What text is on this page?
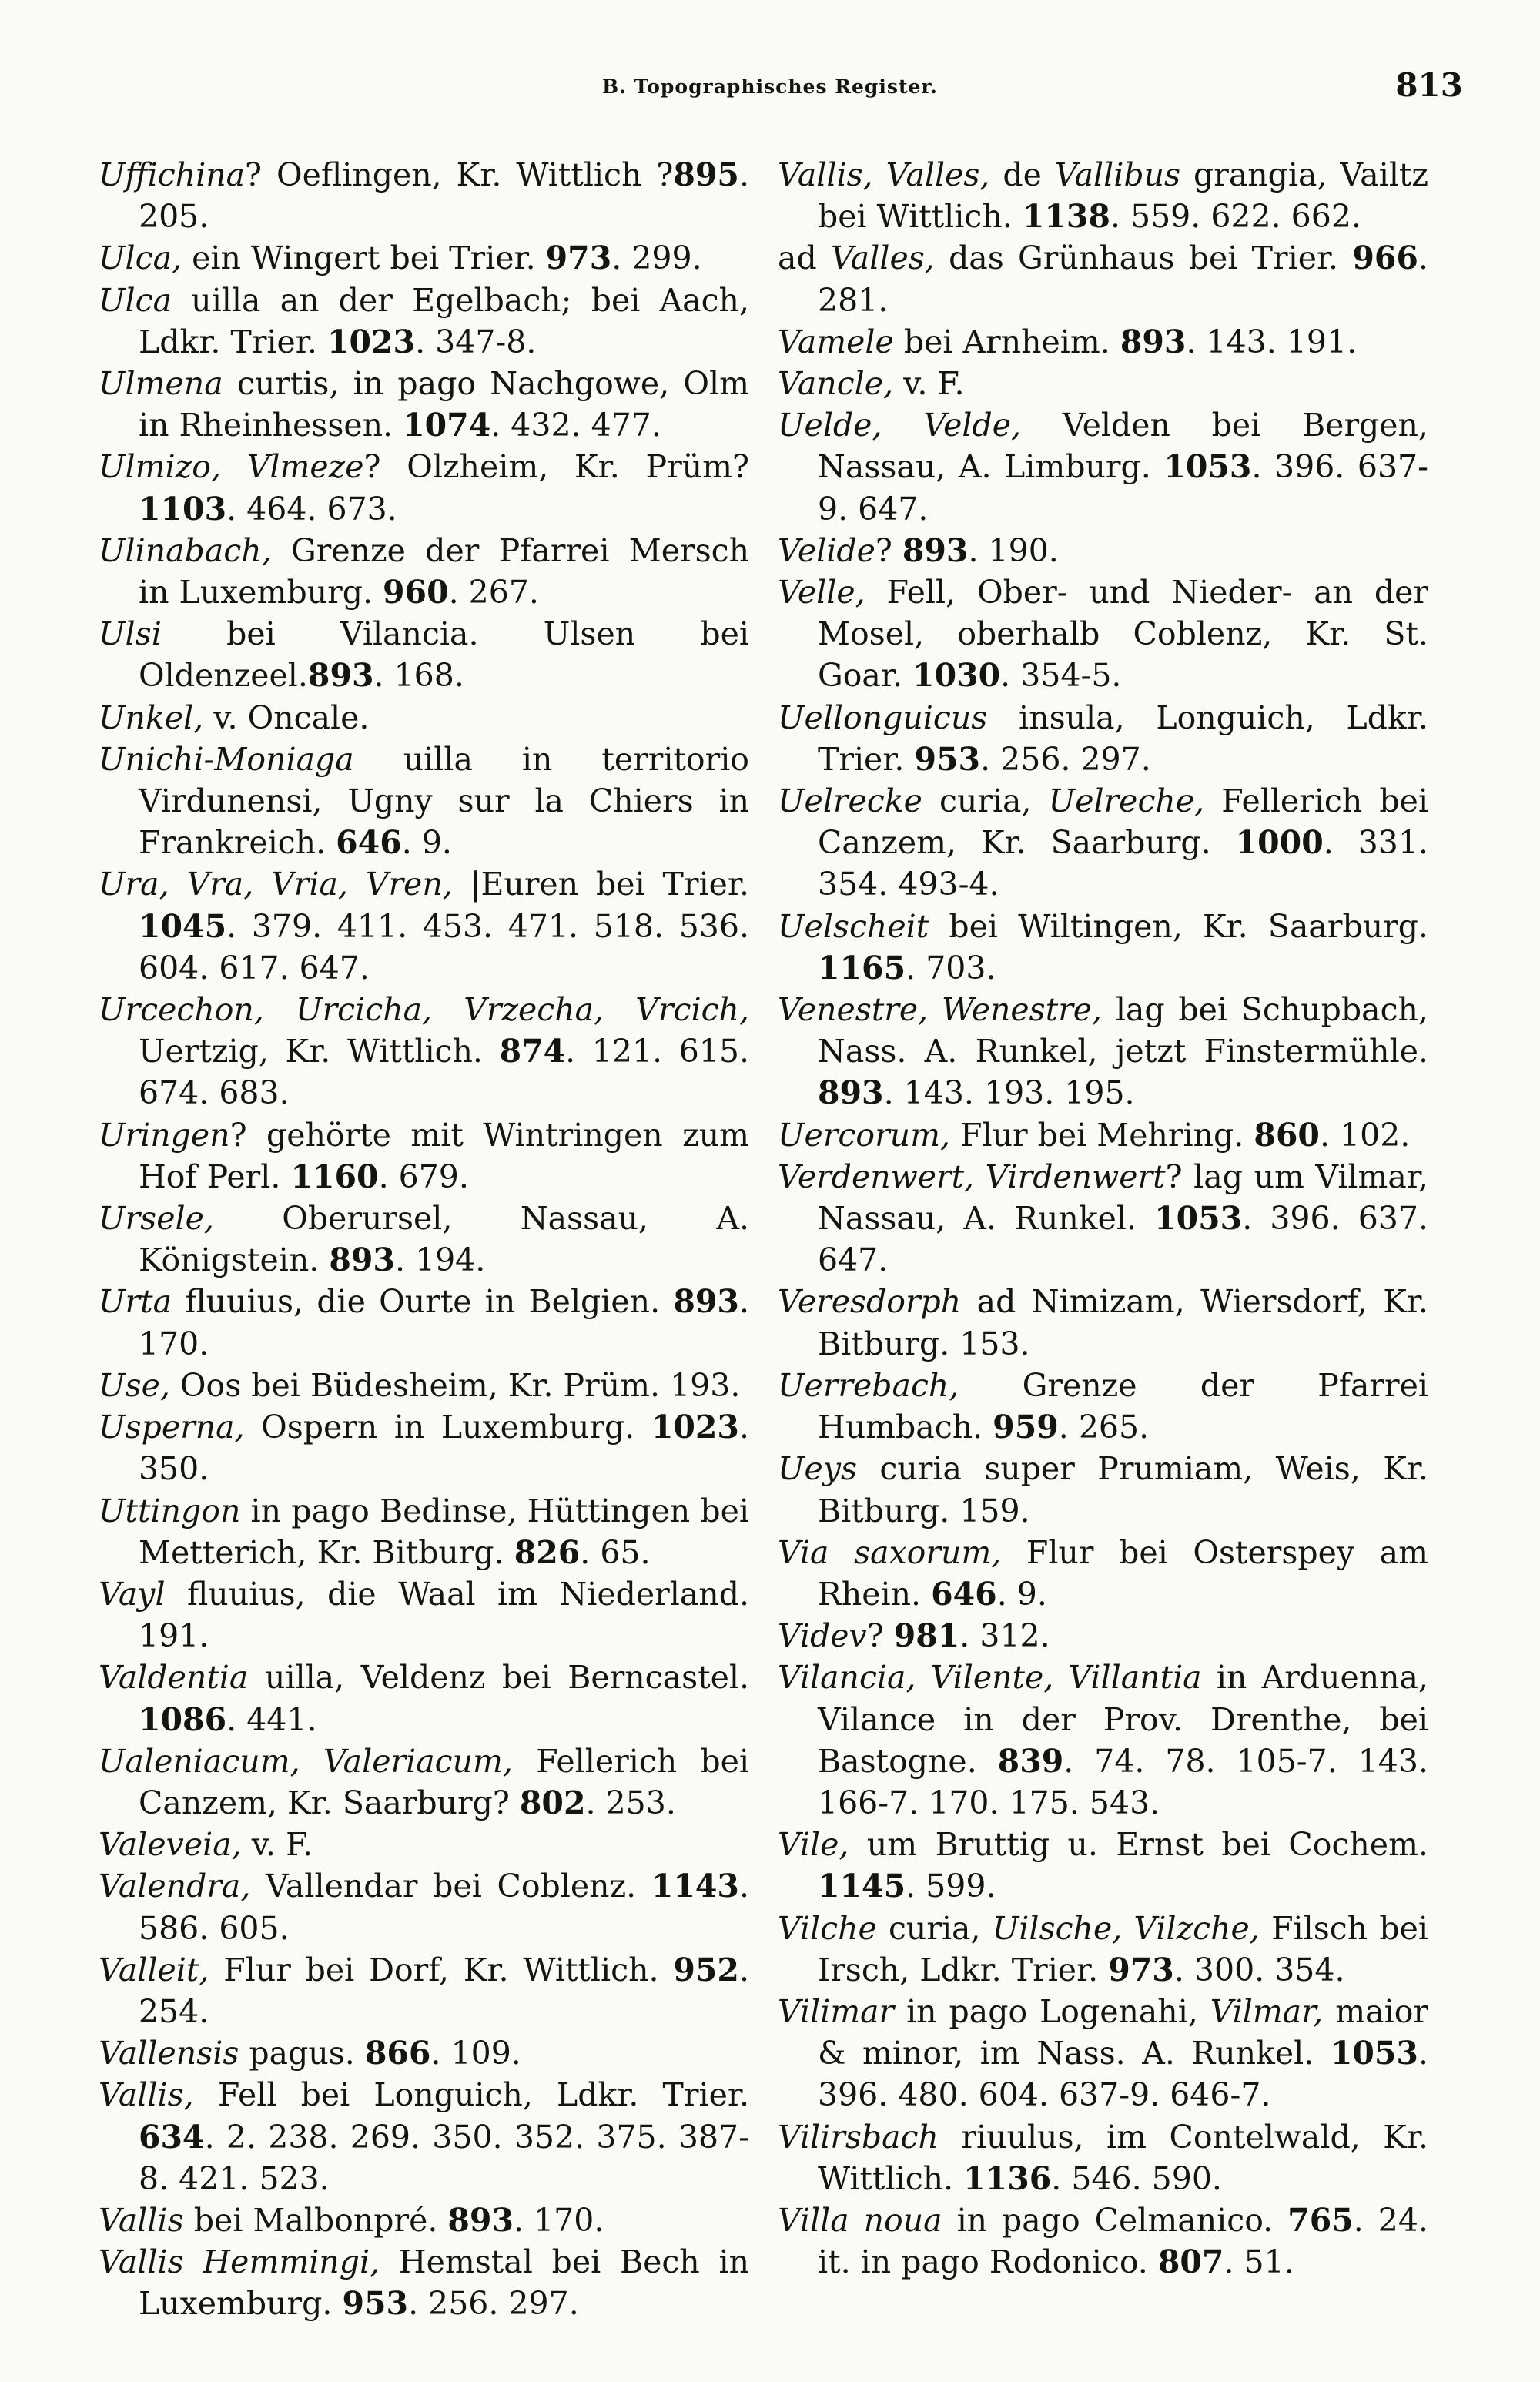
B. Topographisches Register.	813
Uffichina? Oeflingen, Kr. Wittlich ?895. 205.
Ulca, ein Wingert bei Trier. 973. 299.
Ulca uilla an der Egelbach; bei Aach, Ldkr. Trier. 1023. 347-8.
Ulmena curtis, in pago Nachgowe, Olm in Rheinhessen. 1074. 432. 477.
Ulmizo, Vlmeze? Olzheim, Kr. Prüm?1103. 464. 673.
Ulinabach, Grenze der Pfarrei Mersch in Luxemburg. 960. 267.
Ulsi bei Vilancia. Ulsen bei Oldenzeel.893. 168.
Unkel, v. Oncale.
Unichi-Moniaga uilla in territorio Virdunensi, Ugny sur la Chiers in Frankreich. 646. 9.
Ura, Vra, Vria, Vren, |Euren bei Trier. 1045. 379. 411. 453. 471. 518. 536. 604. 617. 647.
Urcechon, Urcicha, Vrzecha, Vrcich, Uertzig, Kr. Wittlich. 874. 121. 615. 674. 683.
Uringen? gehörte mit Wintringen zum Hof Perl. 1160. 679.
Ursele, Oberursel, Nassau, A. Königstein. 893. 194.
Urta fluuius, die Ourte in Belgien. 893. 170.
Use, Oos bei Büdesheim, Kr. Prüm. 193.
Usperna, Ospern in Luxemburg. 1023. 350.
Uttingon in pago Bedinse, Hüttingen bei Metterich, Kr. Bitburg. 826. 65.
Vayl fluuius, die Waal im Niederland. 191.
Valdentia uilla, Veldenz bei Berncastel. 1086. 441.
Ualeniacum, Valeriacum, Fellerich bei Canzem, Kr. Saarburg? 802. 253.
Valeveia, v. F.
Valendra, Vallendar bei Coblenz. 1143. 586. 605.
Valleit, Flur bei Dorf, Kr. Wittlich. 952. 254.
Vallensis pagus. 866. 109.
Vallis, Fell bei Longuich, Ldkr. Trier. 634. 2. 238. 269. 350. 352. 375. 387-8. 421. 523.
Vallis bei Malbonpré. 893. 170.
Vallis Hemmingi, Hemstal bei Bech in Luxemburg. 953. 256. 297.
Vallis, Valles, de Vallibus grangia, Vailtz bei Wittlich. 1138. 559. 622. 662.
ad Valles, das Grünhaus bei Trier. 966. 281.
Vamele bei Arnheim. 893. 143. 191.
Vancle, v. F.
Uelde, Velde, Velden bei Bergen, Nassau, A. Limburg. 1053. 396. 637-9. 647.
Velide? 893. 190.
Velle, Fell, Ober- und Nieder- an der Mosel, oberhalb Coblenz, Kr. St. Goar. 1030. 354-5.
Uellonguicus insula, Longuich, Ldkr. Trier. 953. 256. 297.
Uelrecke curia, Uelreche, Fellerich bei Canzem, Kr. Saarburg. 1000. 331. 354. 493-4.
Uelscheit bei Wiltingen, Kr. Saarburg. 1165. 703.
Venestre, Wenestre, lag bei Schupbach, Nass. A. Runkel, jetzt Finstermühle. 893. 143. 193. 195.
Uercorum, Flur bei Mehring. 860. 102.
Verdenwert, Virdenwert? lag um Vilmar, Nassau, A. Runkel. 1053. 396. 637. 647.
Veresdorph ad Nimizam, Wiersdorf, Kr. Bitburg. 153.
Uerrebach, Grenze der Pfarrei Humbach. 959. 265.
Ueys curia super Prumiam, Weis, Kr. Bitburg. 159.
Via saxorum, Flur bei Osterspey am Rhein. 646. 9.
Videv? 981. 312.
Vilancia, Vilente, Villantia in Arduenna, Vilance in der Prov. Drenthe, bei Bastogne. 839. 74. 78. 105-7. 143. 166-7. 170. 175. 543.
Vile, um Bruttig u. Ernst bei Cochem. 1145. 599.
Vilche curia, Uilsche, Vilzche, Filsch bei Irsch, Ldkr. Trier. 973. 300. 354.
Vilimar in pago Logenahi, Vilmar, maior & minor, im Nass. A. Runkel. 1053. 396. 480. 604. 637-9. 646-7.
Vilirsbach riuulus, im Contelwald, Kr. Wittlich. 1136. 546. 590.
Villa noua in pago Celmanico. 765. 24. it. in pago Rodonico. 807. 51.
